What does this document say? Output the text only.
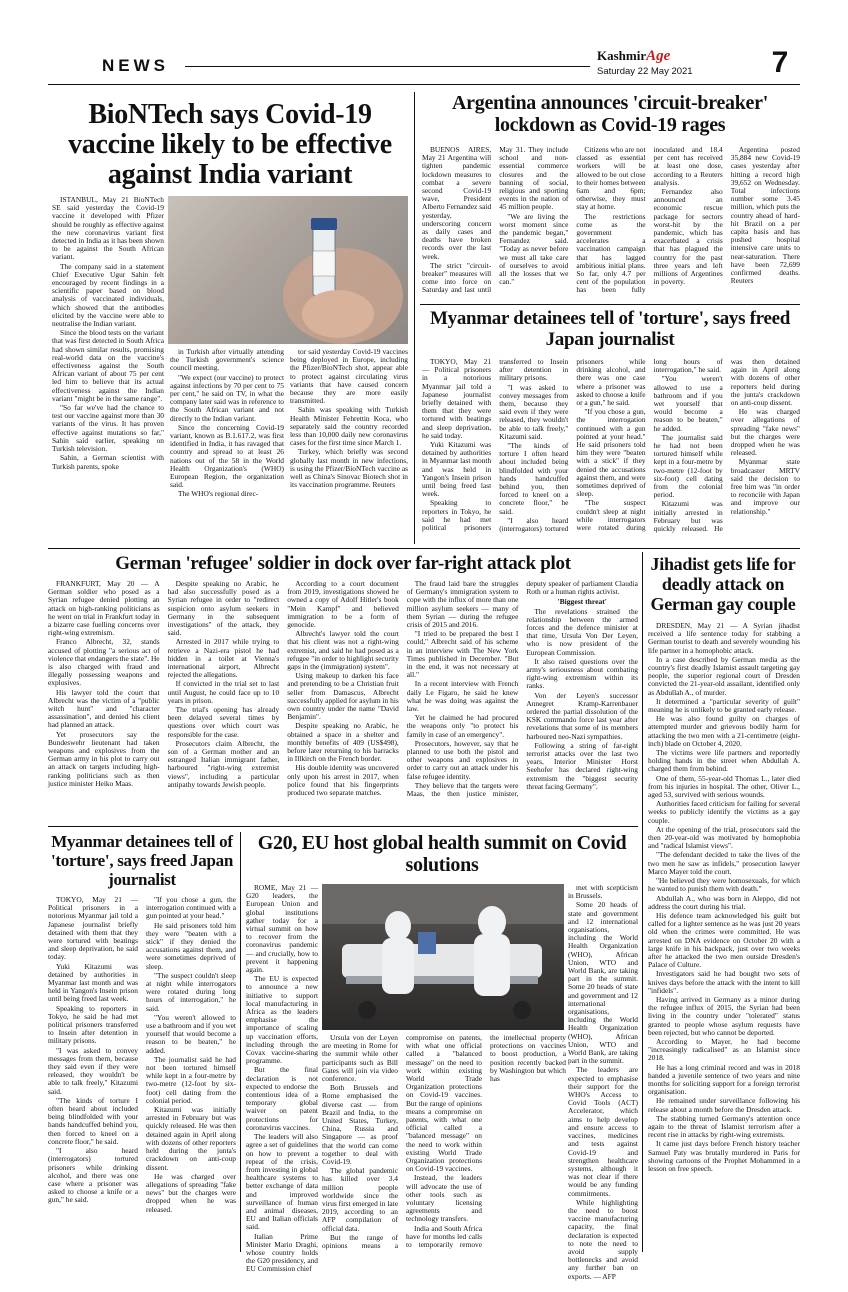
NEWS
KashmirAge
Saturday 22 May 2021	7
BioNTech says Covid-19 vaccine likely to be effective against India variant

ISTANBUL, May 21 BioNTech SE said yesterday the Covid-19 vaccine it developed with Pfizer should be roughly as effective against the new coronavirus variant first detected in India as it has been shown to be against the South African variant.

The company said in a statement Chief Executive Ugur Sahin felt encouraged by recent findings in a scientific paper based on blood analysis of vaccinated individuals, which showed that the antibodies elicited by the vaccine were able to neutralise the Indian variant.

Since the blood tests on the variant that was first detected in South Africa had shown similar results, promising real-world data on the vaccine's effectiveness against the South African variant of about 75 per cent led him to believe that its actual effectiveness against the Indian variant "might be in the same range".

"So far we've had the chance to test our vaccine against more than 30 variants of the virus. It has proven effective against mutations so far," Sahin said earlier, speaking on Turkish television.

Sahin, a German scientist with Turkish parents, spoke

in Turkish after virtually attending the Turkish government's science council meeting.

"We expect (our vaccine) to protect against infections by 70 per cent to 75 per cent," he said on TV, in what the company later said was in reference to the South African variant and not directly to the Indian variant.

Since the concerning Covid-19 variant, known as B.1.617.2, was first identified in India, it has ravaged that country and spread to at least 26 nations out of the 58 in the World Health Organization's (WHO) European Region, the organization said.

The WHO's regional direc-

tor said yesterday Covid-19 vaccines being deployed in Europe, including the Pfizer/BioNTech shot, appear able to protect against circulating virus variants that have caused concern because they are more easily transmitted.

Sahin was speaking with Turkish Health Minister Fehrettin Koca, who separately said the country recorded less than 10,000 daily new coronavirus cases for the first time since March 1.

Turkey, which briefly was second globally last month in new infections, is using the Pfizer/BioNTech vaccine as well as China's Sinovac Biotech shot in its vaccination programme. Reuters

Argentina announces 'circuit-breaker' lockdown as Covid-19 rages

BUENOS AIRES, May 21 Argentina will tighten pandemic lockdown measures to combat a severe second Covid-19 wave, President Alberto Fernandez said yesterday, underscoring concern as daily cases and deaths have broken records over the last week.

The strict "circuit-breaker" measures will come into force on Saturday and last until May 31. They include school and non-essential commerce closures and the banning of social, religious and sporting events in the nation of 45 million people.

"We are living the worst moment since the pandemic began," Fernandez said. "Today as never before we must all take care of ourselves to avoid all the losses that we can."

Citizens who are not classed as essential workers will be allowed to be out close to their homes between 6am and 6pm; otherwise, they must stay at home.

The restrictions come as the government accelerates a vaccination campaign that has lagged ambitious initial plans. So far, only 4.7 per cent of the population has been fully inoculated and 18.4 per cent has received at least one dose, according to a Reuters analysis.

Fernandez also announced an economic rescue package for sectors worst-hit by the pandemic, which has exacerbated a crisis that has plagued the country for the past three years and left millions of Argentines in poverty.

Argentina posted 35,884 new Covid-19 cases yesterday after hitting a record high 39,652 on Wednesday. Total infections number some 3.45 million, which puts the country ahead of hard-hit Brazil on a per capita basis and has pushed hospital intensive care units to near-saturation. There have been 72,699 confirmed deaths. Reuters

Myanmar detainees tell of 'torture', says freed Japan journalist

TOKYO, May 21 — Political prisoners in a notorious Myanmar jail told a Japanese journalist briefly detained with them that they were tortured with beatings and sleep deprivation, he said today.

Yuki Kitazumi was detained by authorities in Myanmar last month and was held in Yangon's Insein prison until being freed last week.

Speaking to reporters in Tokyo, he said he had met political prisoners transferred to Insein after detention in military prisons.

"I was asked to convey messages from them, because they said even if they were released, they wouldn't be able to talk freely," Kitazumi said.

"The kinds of torture I often heard about included being blindfolded with your hands handcuffed behind you, then forced to kneel on a concrete floor," he said.

"I also heard (interrogators) tortured prisoners while drinking alcohol, and there was one case where a prisoner was asked to choose a knife or a gun," he said.

"If you chose a gun, the interrogation continued with a gun pointed at your head." He said prisoners told him they were "beaten with a stick" if they denied the accusations against them, and were sometimes deprived of sleep.

"The suspect couldn't sleep at night while interrogators were rotated during long hours of interrogation," he said.

"You weren't allowed to use a bathroom and if you wet yourself that would become a reason to be beaten," he added.

The journalist said he had not been tortured himself while kept in a four-metre by two-metre (12-foot by six-foot) cell dating from the colonial period.

Kitazumi was initially arrested in February but was quickly released. He was then detained again in April along with dozens of other reporters held during the junta's crackdown on anti-coup dissent.

He was charged over allegations of spreading "fake news" but the charges were dropped when he was released.

Myanmar state broadcaster MRTV said the decision to free him was "in order to reconcile with Japan and improve our relationship."

German 'refugee' soldier in dock over far-right attack plot

FRANKFURT, May 20 — A German soldier who posed as a Syrian refugee denied plotting an attack on high-ranking politicians as he went on trial in Frankfurt today in a bizarre case fuelling concerns over right-wing extremism.

Franco Albrecht, 32, stands accused of plotting "a serious act of violence that endangers the state". He is also charged with fraud and illegally possessing weapons and explosives.

His lawyer told the court that Albrecht was the victim of a "public witch hunt" and "character assassination", and denied his client had planned an attack.

Yet prosecutors say the Bundeswehr lieutenant had taken weapons and explosives from the German army in his plot to carry out an attack on targets including high-ranking politicians such as then justice minister Heiko Maas.

Despite speaking no Arabic, he had also successfully posed as a Syrian refugee in order to "redirect suspicion onto asylum seekers in Germany in the subsequent investigations" of the attack, they said.

Arrested in 2017 while trying to retrieve a Nazi-era pistol he had hidden in a toilet at Vienna's international airport, Albrecht rejected the allegations.

If convicted in the trial set to last until August, he could face up to 10 years in prison.

The trial's opening has already been delayed several times by questions over which court was responsible for the case.

Prosecutors claim Albrecht, the son of a German mother and an estranged Italian immigrant father, harboured "right-wing extremist views", including a particular antipathy towards Jewish people.

According to a court document from 2019, investigations showed he owned a copy of Adolf Hitler's book "Mein Kampf" and believed immigration to be a form of genocide.

Albrecht's lawyer told the court that his client was not a right-wing extremist, and said he had posed as a refugee "in order to highlight security gaps in the (immigration) system".

Using makeup to darken his face and pretending to be a Christian fruit seller from Damascus, Albrecht successfully applied for asylum in his own country under the name "David Benjamin".

Despite speaking no Arabic, he obtained a space in a shelter and monthly benefits of 409 (US$498), before later returning to his barracks in Illkirch on the French border.

His double identity was uncovered only upon his arrest in 2017, when police found that his fingerprints produced two separate matches.

The fraud laid bare the struggles of Germany's immigration system to cope with the influx of more than one million asylum seekers — many of them Syrian — during the refugee crisis of 2015 and 2016.

"I tried to be prepared the best I could," Albrecht said of his scheme in an interview with The New York Times published in December. "But in the end, it was not necessary at all."

In a recent interview with French daily Le Figaro, he said he knew what he was doing was against the law.

Yet he claimed he had procured the weapons only "to protect his family in case of an emergency".

Prosecutors, however, say that he planned to use both the pistol and other weapons and explosives in order to carry out an attack under his false refugee identity.

They believe that the targets were Maas, the then justice minister, deputy speaker of parliament Claudia Roth or a human rights activist.

'Biggest threat'

The revelations strained the relationship between the armed forces and the defence minister at that time, Ursula Von Der Leyen, who is now president of the European Commission.

It also raised questions over the army's seriousness about combating right-wing extremism within its ranks.

Von der Leyen's successor Annegret Kramp-Karrenbauer ordered the partial dissolution of the KSK commando force last year after revelations that some of its members harboured neo-Nazi sympathies.

Following a string of far-right terrorist attacks over the last two years, Interior Minister Horst Seehofer has declared right-wing extremism the "biggest security threat facing Germany".

Jihadist gets life for deadly attack on German gay couple

DRESDEN, May 21 — A Syrian jihadist received a life sentence today for stabbing a German tourist to death and severely wounding his life partner in a homophobic attack.

In a case described by German media as the country's first deadly Islamist assault targeting gay people, the superior regional court of Dresden convicted the 21-year-old assailant, identified only as Abdullah A., of murder.

It determined a "particular severity of guilt" meaning he is unlikely to be granted early release.

He was also found guilty on charges of attempted murder and grievous bodily harm for attacking the two men with a 21-centimetre (eight-inch) blade on October 4, 2020.

The victims were life partners and reportedly holding hands in the street when Abdullah A. charged them from behind.

One of them, 55-year-old Thomas L., later died from his injuries in hospital. The other, Oliver L., aged 53, survived with serious wounds.

Authorities faced criticism for failing for several weeks to publicly identify the victims as a gay couple.

At the opening of the trial, prosecutors said the then 20-year-old was motivated by homophobia and "radical Islamist views".

"The defendant decided to take the lives of the two men he saw as infidels," prosecution lawyer Marco Mayer told the court.

"He believed they were homosexuals, for which he wanted to punish them with death."

Abdullah A., who was born in Aleppo, did not address the court during his trial.

His defence team acknowledged his guilt but called for a lighter sentence as he was just 20 years old when the crimes were committed. He was arrested on DNA evidence on October 20 with a large knife in his backpack, just over two weeks after he attacked the two men outside Dresden's Palace of Culture.

Investigators said he had bought two sets of knives days before the attack with the intent to kill "infidels".

Having arrived in Germany as a minor during the refugee influx of 2015, the Syrian had been living in the country under "tolerated" status granted to people whose asylum requests have been rejected, but who cannot be deported.

According to Mayer, he had become "increasingly radicalised" as an Islamist since 2018.

He has a long criminal record and was in 2018 handed a juvenile sentence of two years and nine months for soliciting support for a foreign terrorist organisation.

He remained under surveillance following his release about a month before the Dresden attack.

The stabbing turned Germany's attention once again to the threat of Islamist terrorism after a recent rise in attacks by right-wing extremists.

It came just days before French history teacher Samuel Paty was brutally murdered in Paris for showing cartoons of the Prophet Mohammed in a lesson on free speech.

Myanmar detainees tell of 'torture', says freed Japan journalist

TOKYO, May 21 — Political prisoners in a notorious Myanmar jail told a Japanese journalist briefly detained with them that they were tortured with beatings and sleep deprivation, he said today.

Yuki Kitazumi was detained by authorities in Myanmar last month and was held in Yangon's Insein prison until being freed last week.

Speaking to reporters in Tokyo, he said he had met political prisoners transferred to Insein after detention in military prisons.

"I was asked to convey messages from them, because they said even if they were released, they wouldn't be able to talk freely," Kitazumi said.

"The kinds of torture I often heard about included being blindfolded with your hands handcuffed behind you, then forced to kneel on a concrete floor," he said.

"I also heard (interrogators) tortured prisoners while drinking alcohol, and there was one case where a prisoner was asked to choose a knife or a gun," he said.

"If you chose a gun, the interrogation continued with a gun pointed at your head."

He said prisoners told him they were "beaten with a stick" if they denied the accusations against them, and were sometimes deprived of sleep.

"The suspect couldn't sleep at night while interrogators were rotated during long hours of interrogation," he said.

"You weren't allowed to use a bathroom and if you wet yourself that would become a reason to be beaten," he added.

The journalist said he had not been tortured himself while kept in a four-metre by two-metre (12-foot by six-foot) cell dating from the colonial period.

Kitazumi was initially arrested in February but was quickly released. He was then detained again in April along with dozens of other reporters held during the junta's crackdown on anti-coup dissent.

He was charged over allegations of spreading "fake news" but the charges were dropped when he was released.

G20, EU host global health summit on Covid solutions

ROME, May 21 — G20 leaders, the European Union and global institutions gather today for a virtual summit on how to recover from the coronavirus pandemic — and crucially, how to prevent it happening again.

The EU is expected to announce a new initiative to support local manufacturing in Africa as the leaders emphasise the importance of scaling up vaccination efforts, including through the Covax vaccine-sharing programme.

But the final declaration is not expected to endorse the contentious idea of a temporary global waiver on patent protections for coronavirus vaccines.

The leaders will also agree a set of guidelines on how to prevent a repeat of the crisis, from investing in global healthcare systems to better exchange of data and improved surveillance of human and animal diseases, EU and Italian officials said.

Italian Prime Minister Mario Draghi, whose country holds the G20 presidency, and EU Commission chief

Ursula von der Leyen are meeting in Rome for the summit while other participants such as Bill Gates will join via video conference.

Both Brussels and Rome emphasised the diverse cast — from Brazil and India, to the United States, Turkey, China, Russia and Singapore — as proof that the world can come together to deal with Covid-19.

The global pandemic has killed over 3.4 million people worldwide since the virus first emerged in late 2019, according to an AFP compilation of official data.

But the range of opinions means a compromise on patents, with what one official called a "balanced message" on the need to work within existing World Trade Organization protections on Covid-19 vaccines. But the range of opinions means a compromise on patents, with what one official called a "balanced message" on the need to work within existing World Trade Organization protections on Covid-19 vaccines.

Instead, the leaders will advocate the use of other tools such as voluntary licensing agreements and technology transfers.

India and South Africa have for months led calls to temporarily remove the intellectual property protections on vaccines to boost production, a position recently backed by Washington but which has

met with scepticism in Brussels.

Some 20 heads of state and government and 12 international organisations, including the World Health Organization (WHO), African Union, WTO and World Bank, are taking part in the summit. Some 20 heads of state and government and 12 international organisations, including the World Health Organization (WHO), African Union, WTO and World Bank, are taking part in the summit.

The leaders are expected to emphasise their support for the WHO's Access to Covid Tools (ACT) Accelerator, which aims to help develop and ensure access to vaccines, medicines and tests against Covid-19 and strengthen healthcare systems, although it was not clear if there would be any funding commitments.

While highlighting the need to boost vaccine manufacturing capacity, the final declaration is expected to note the need to avoid supply bottlenecks and avoid any further ban on exports. — AFP
